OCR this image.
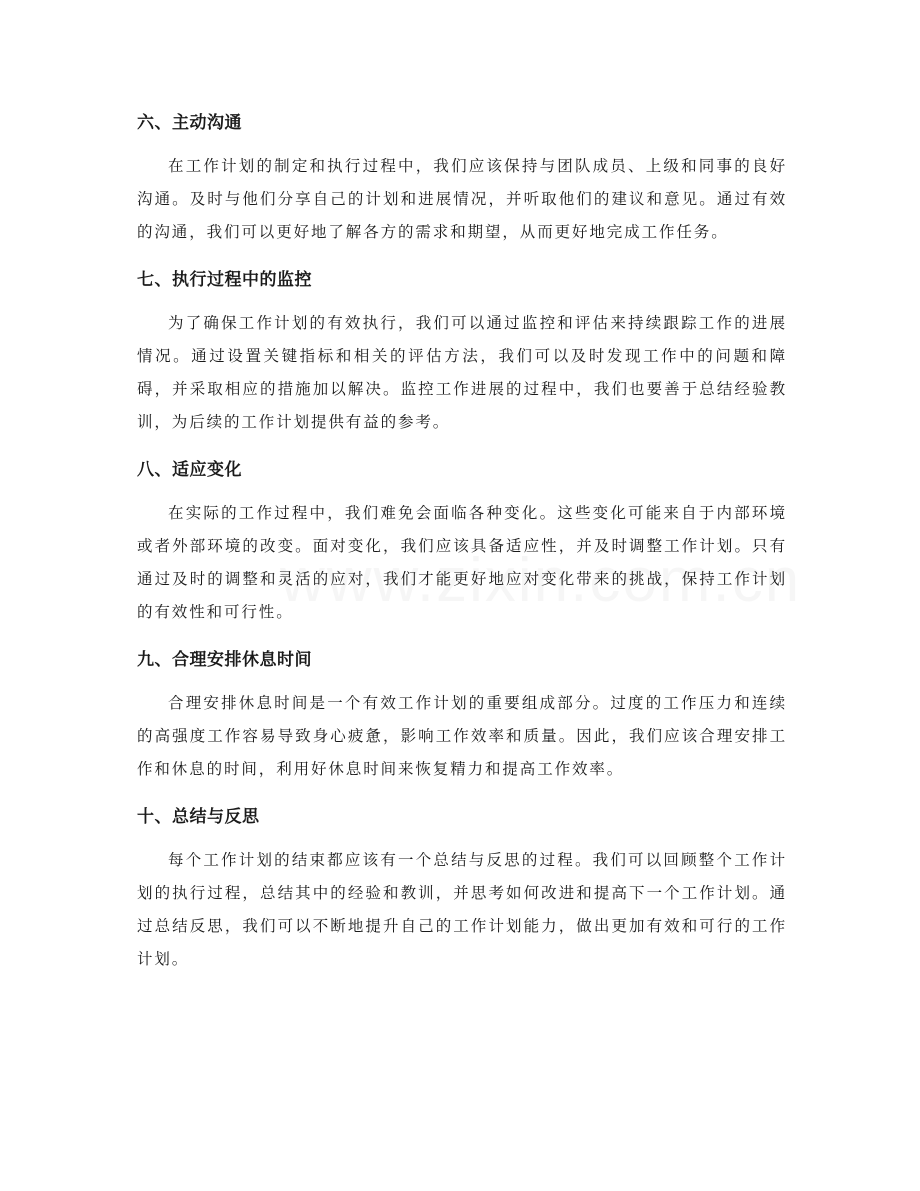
六、主动沟通

在工作计划的制定和执行过程中，我们应该保持与团队成员、上级和同事的良好沟通。及时与他们分享自己的计划和进展情况，并听取他们的建议和意见。通过有效的沟通，我们可以更好地了解各方的需求和期望，从而更好地完成工作任务。

七、执行过程中的监控

为了确保工作计划的有效执行，我们可以通过监控和评估来持续跟踪工作的进展情况。通过设置关键指标和相关的评估方法，我们可以及时发现工作中的问题和障碍，并采取相应的措施加以解决。监控工作进展的过程中，我们也要善于总结经验教训，为后续的工作计划提供有益的参考。

八、适应变化

在实际的工作过程中，我们难免会面临各种变化。这些变化可能来自于内部环境或者外部环境的改变。面对变化，我们应该具备适应性，并及时调整工作计划。只有通过及时的调整和灵活的应对，我们才能更好地应对变化带来的挑战，保持工作计划的有效性和可行性。

九、合理安排休息时间

合理安排休息时间是一个有效工作计划的重要组成部分。过度的工作压力和连续的高强度工作容易导致身心疲惫，影响工作效率和质量。因此，我们应该合理安排工作和休息的时间，利用好休息时间来恢复精力和提高工作效率。

十、总结与反思

每个工作计划的结束都应该有一个总结与反思的过程。我们可以回顾整个工作计划的执行过程，总结其中的经验和教训，并思考如何改进和提高下一个工作计划。通过总结反思，我们可以不断地提升自己的工作计划能力，做出更加有效和可行的工作计划。
